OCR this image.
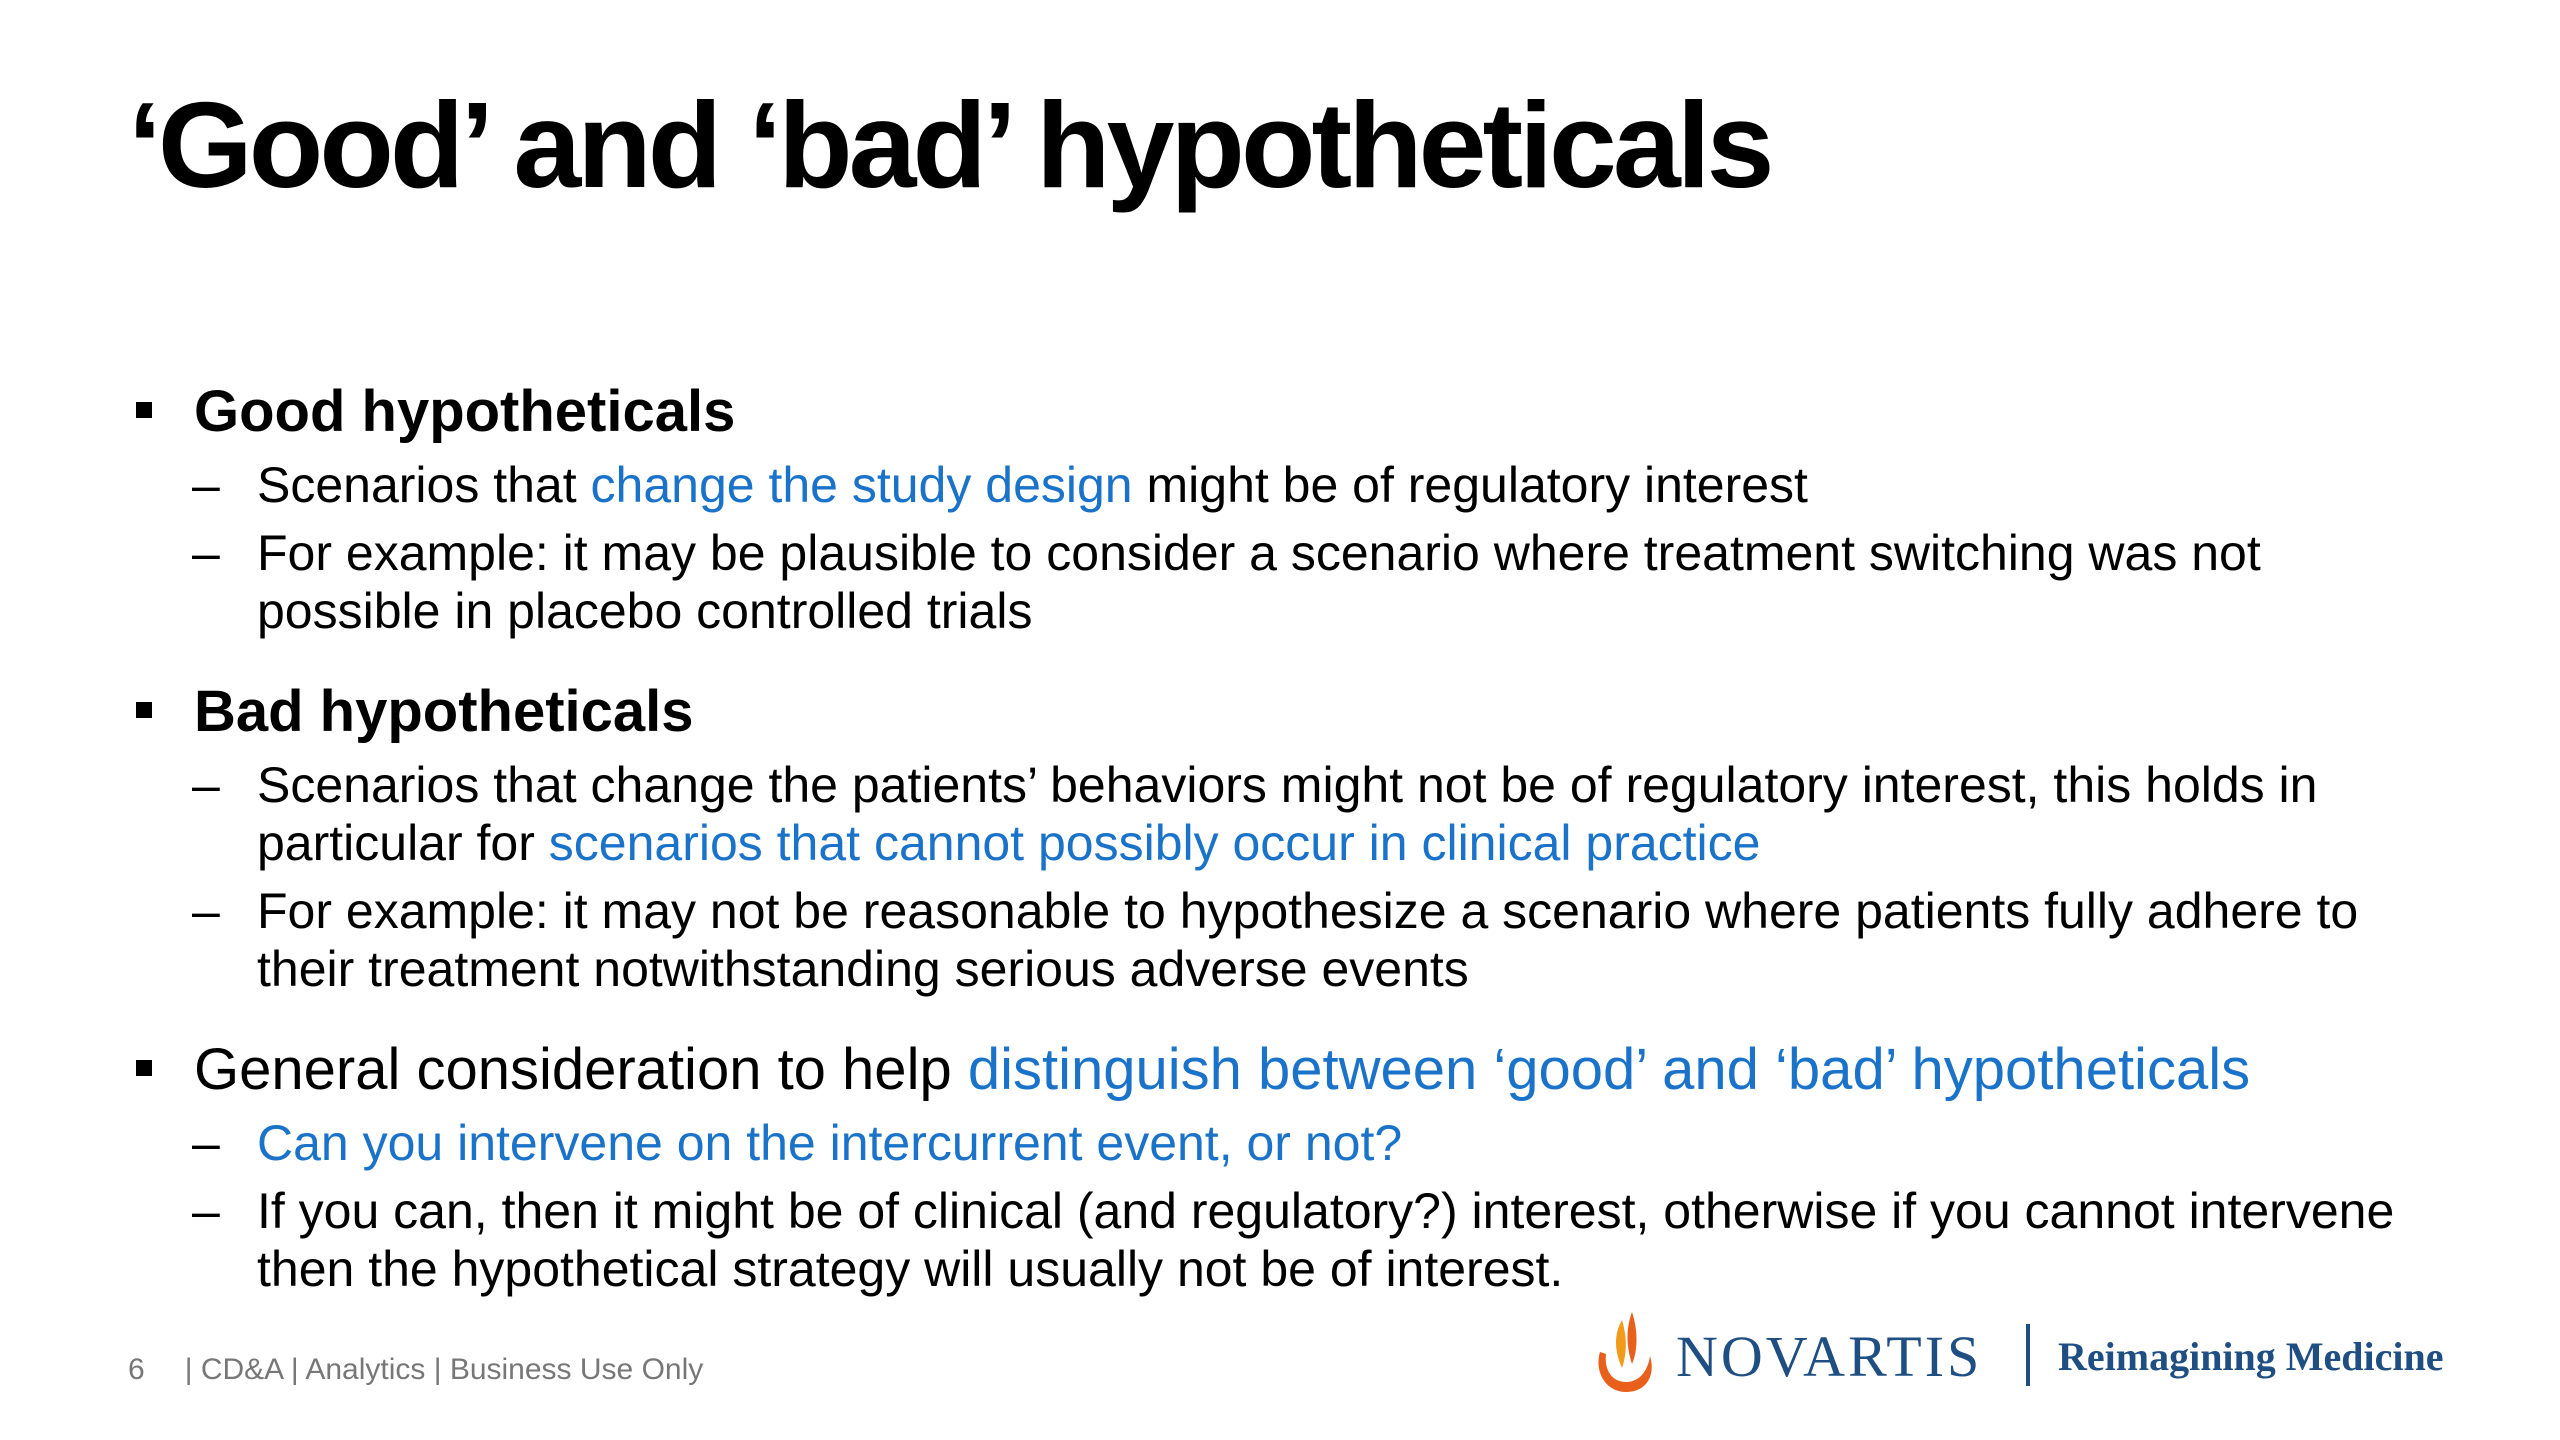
‘Good’ and ‘bad’ hypotheticals
Good hypotheticals
– Scenarios that change the study design might be of regulatory interest
– For example: it may be plausible to consider a scenario where treatment switching was not possible in placebo controlled trials
Bad hypotheticals
– Scenarios that change the patients’ behaviors might not be of regulatory interest, this holds in particular for scenarios that cannot possibly occur in clinical practice
– For example: it may not be reasonable to hypothesize a scenario where patients fully adhere to their treatment notwithstanding serious adverse events
General consideration to help distinguish between ‘good’ and ‘bad’ hypotheticals
– Can you intervene on the intercurrent event, or not?
– If you can, then it might be of clinical (and regulatory?) interest, otherwise if you cannot intervene then the hypothetical strategy will usually not be of interest.
6 | CD&A | Analytics | Business Use Only	NOVARTIS Reimagining Medicine
